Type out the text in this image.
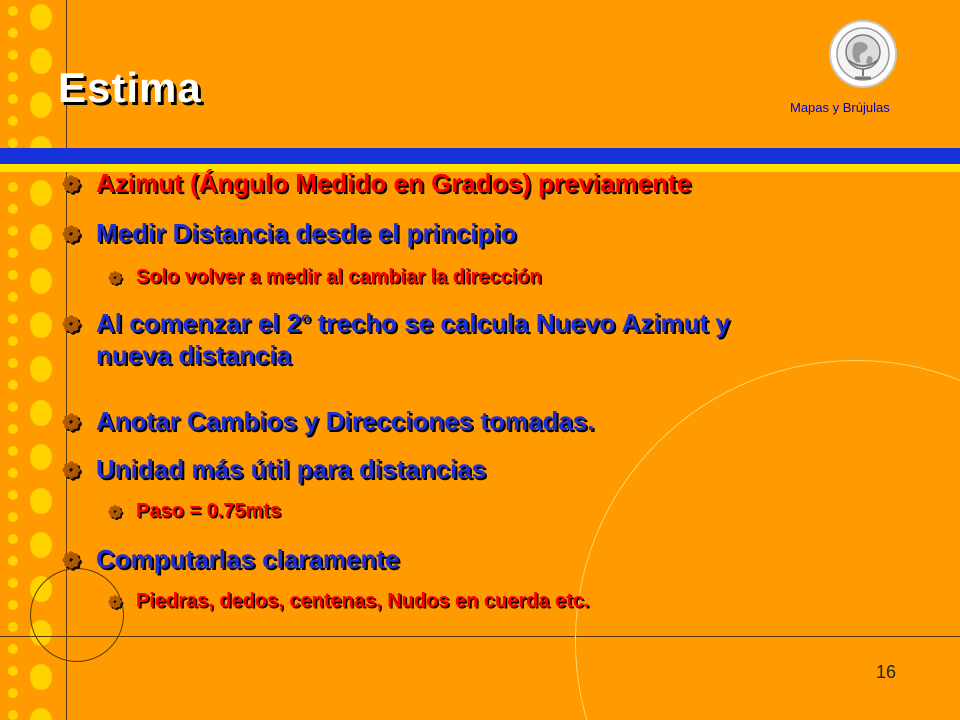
Estima	Mapas y Brújulas
❁ Azimut (Ángulo Medido en Grados) previamente
❁ Medir Distancia desde el principio
❁ Solo volver a medir al cambiar la dirección
❁ Al comenzar el 2$^o$ trecho se calcula Nuevo Azimut y
nueva distancia
❁ Anotar Cambios y Direcciones tomadas.
❁ Unidad más útil para distancias
❁ Paso = 0.75mts
❁ Computarlas claramente
❁ Piedras, dedos, centenas, Nudos en cuerda etc.
16
